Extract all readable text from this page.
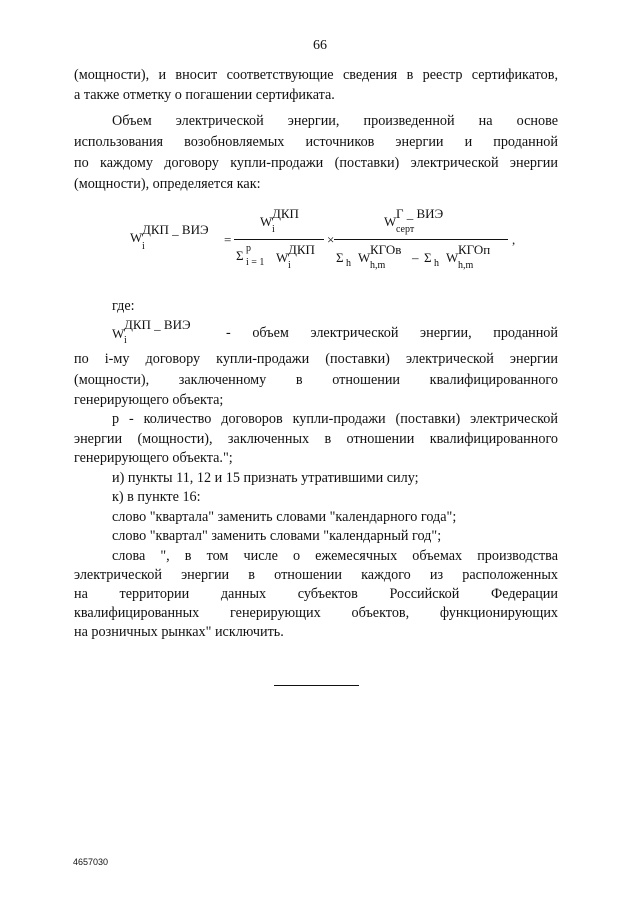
66
(мощности), и вносит соответствующие сведения в реестр сертификатов,
а также отметку о погашении сертификата.
Объем электрической энергии, произведенной на основе
использования возобновляемых источников энергии и проданной
по каждому договору купли-продажи (поставки) электрической энергии
(мощности), определяется как:
W
ДКП _ ВИЭ
i	=
W
ДКП
i
Σ p
i = 1 W
ДКП
i
×
W
Г _ ВИЭ
серт
Σ h W
КГОв
h,m
– Σ h W
КГОп
h,m
,
где:
W
ДКП _ ВИЭ
i	- объем электрической энергии, проданной
по i-му договору купли-продажи (поставки) электрической энергии
(мощности), заключенному в отношении квалифицированного
генерирующего объекта;
p - количество договоров купли-продажи (поставки) электрической
энергии (мощности), заключенных в отношении квалифицированного
генерирующего объекта.";
и) пункты 11, 12 и 15 признать утратившими силу;
к) в пункте 16:
слово "квартала" заменить словами "календарного года";
слово "квартал" заменить словами "календарный год";
слова ", в том числе о ежемесячных объемах производства
электрической энергии в отношении каждого из расположенных
на территории данных субъектов Российской Федерации
квалифицированных генерирующих объектов, функционирующих
на розничных рынках" исключить.
4657030
